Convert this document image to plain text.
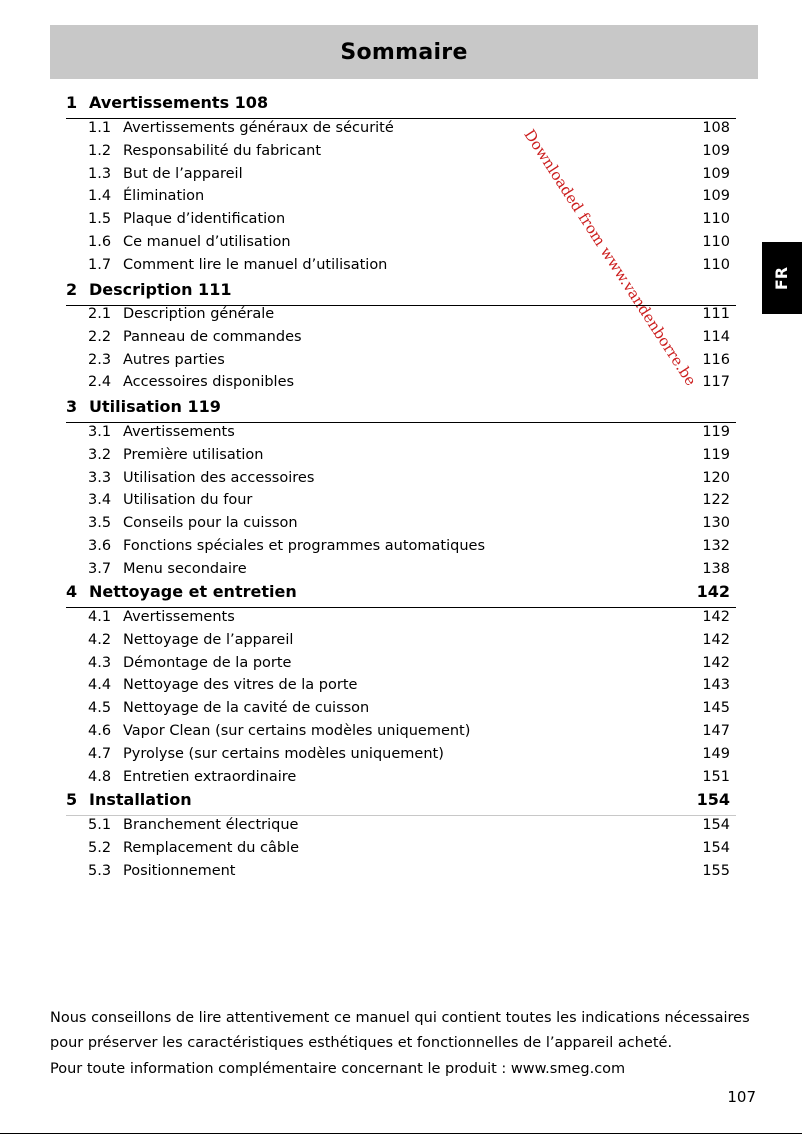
Sommaire
Downloaded from www.vandenborre.be	FR
1 Avertissements 108
1.1 Avertissements généraux de sécurité	108
1.2 Responsabilité du fabricant	109
1.3 But de l’appareil	109
1.4 Élimination	109
1.5 Plaque d’identification	110
1.6 Ce manuel d’utilisation	110
1.7 Comment lire le manuel d’utilisation	110
2 Description 111
2.1 Description générale	111
2.2 Panneau de commandes	114
2.3 Autres parties	116
2.4 Accessoires disponibles	117
3 Utilisation 119
3.1 Avertissements	119
3.2 Première utilisation	119
3.3 Utilisation des accessoires	120
3.4 Utilisation du four	122
3.5 Conseils pour la cuisson	130
3.6 Fonctions spéciales et programmes automatiques	132
3.7 Menu secondaire	138
4 Nettoyage et entretien	142
4.1 Avertissements	142
4.2 Nettoyage de l’appareil	142
4.3 Démontage de la porte	142
4.4 Nettoyage des vitres de la porte	143
4.5 Nettoyage de la cavité de cuisson	145
4.6 Vapor Clean (sur certains modèles uniquement)	147
4.7 Pyrolyse (sur certains modèles uniquement)	149
4.8 Entretien extraordinaire	151
5 Installation	154
5.1 Branchement électrique	154
5.2 Remplacement du câble	154
5.3 Positionnement	155
Nous conseillons de lire attentivement ce manuel qui contient toutes les indications nécessaires
pour préserver les caractéristiques esthétiques et fonctionnelles de l’appareil acheté.
Pour toute information complémentaire concernant le produit : www.smeg.com
107
